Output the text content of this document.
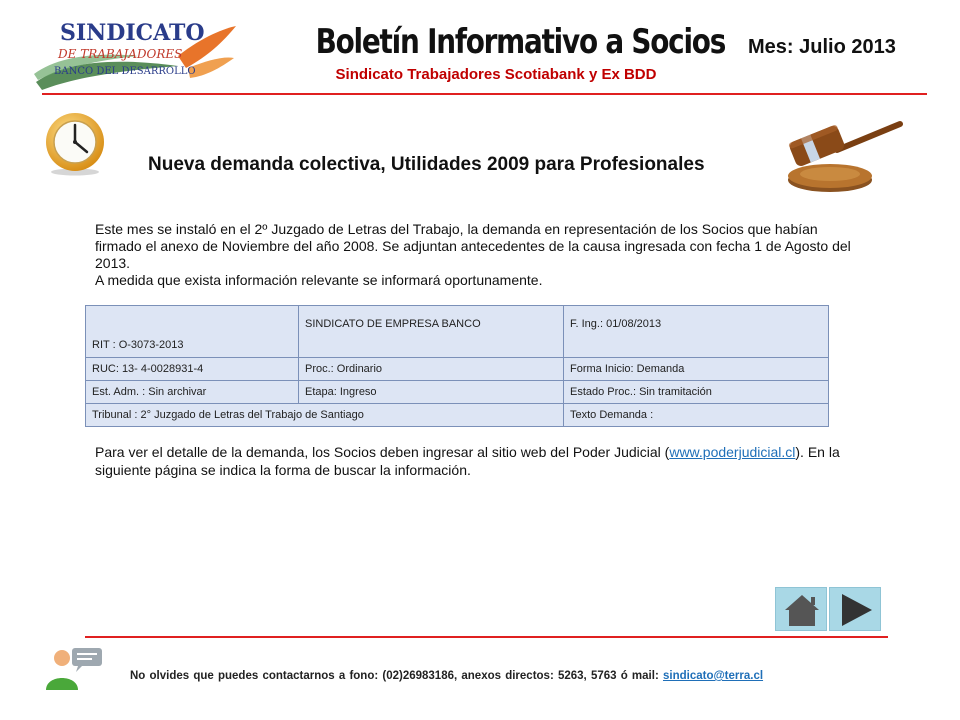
SINDICATO
DE TRABAJADORES
BANCO DEL DESARROLLO
Boletín Informativo a Socios
Sindicato Trabajadores Scotiabank y Ex BDD
Mes: Julio 2013
Nueva demanda colectiva, Utilidades 2009 para Profesionales

Este mes se instaló en el 2º Juzgado de Letras del Trabajo, la demanda en representación de los Socios que habían firmado el anexo de Noviembre del año 2008. Se adjuntan antecedentes de la causa ingresada con fecha 1 de Agosto del 2013.

A medida que exista información relevante se informará oportunamente.

RIT : O-3073-2013	SINDICATO DE EMPRESA BANCO	F. Ing.: 01/08/2013
RUC: 13- 4-0028931-4	Proc.: Ordinario	Forma Inicio: Demanda
Est. Adm. : Sin archivar	Etapa: Ingreso	Estado Proc.: Sin tramitación
Tribunal : 2° Juzgado de Letras del Trabajo de Santiago		Texto Demanda :
Para ver el detalle de la demanda, los Socios deben ingresar al sitio web del Poder Judicial (www.poderjudicial.cl). En la siguiente página se indica la forma de buscar la información.
No olvides que puedes contactarnos a fono: (02)26983186, anexos directos: 5263, 5763 ó mail: sindicato@terra.cl
